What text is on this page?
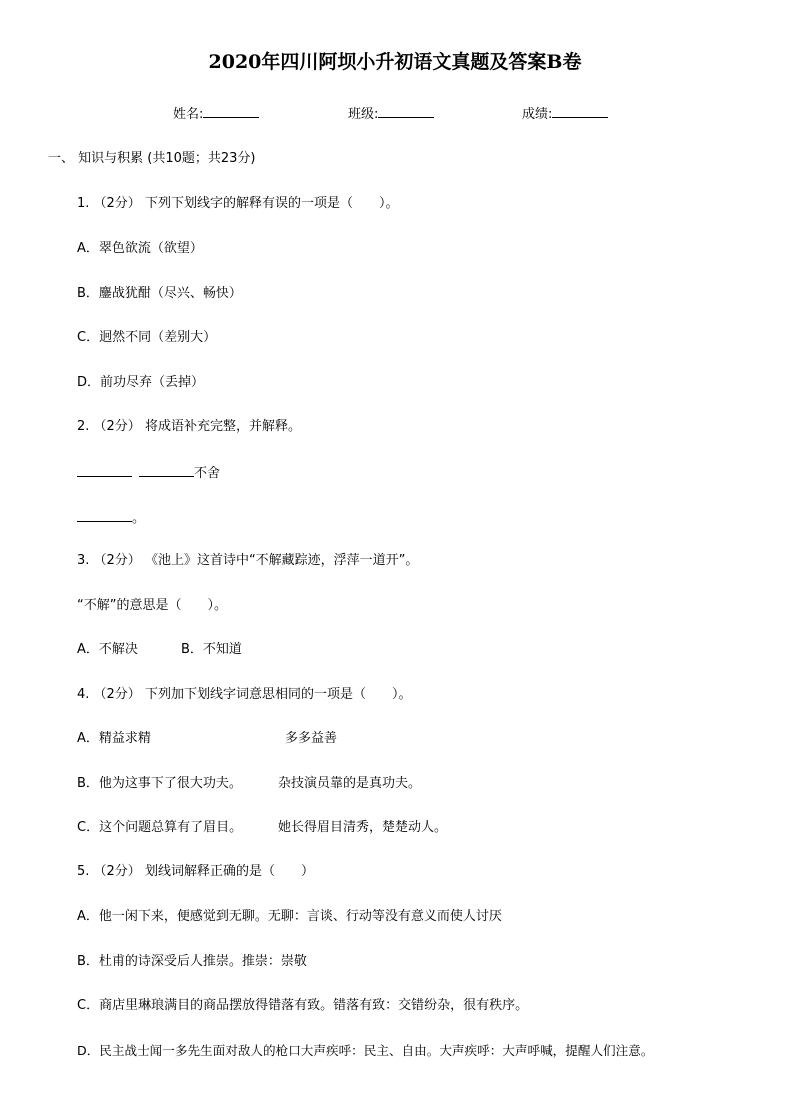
2020年四川阿坝小升初语文真题及答案B卷
姓名:	班级:	成绩:
一、 知识与积累 (共10题；共23分)
1. （2分） 下列下划线字的解释有误的一项是（　　）。
A．翠色欲流（欲望）
B．鏖战犹酣（尽兴、畅快）
C．迥然不同（差别大）
D．前功尽弃（丢掉）
2. （2分） 将成语补充完整，并解释。
不舍
。
3. （2分） 《池上》这首诗中“不解藏踪迹，浮萍一道开”。
“不解”的意思是（　　）。
A．不解决	B．不知道
4. （2分） 下列加下划线字词意思相同的一项是（　　）。
A．精益求精	多多益善
B．他为这事下了很大功夫。	杂技演员靠的是真功夫。
C．这个问题总算有了眉目。	她长得眉目清秀，楚楚动人。
5. （2分） 划线词解释正确的是（　　）
A．他一闲下来，便感觉到无聊。无聊：言谈、行动等没有意义而使人讨厌
B．杜甫的诗深受后人推崇。推崇：崇敬
C．商店里琳琅满目的商品摆放得错落有致。错落有致：交错纷杂，很有秩序。
D．民主战士闻一多先生面对敌人的枪口大声疾呼：民主、自由。大声疾呼：大声呼喊，提醒人们注意。
